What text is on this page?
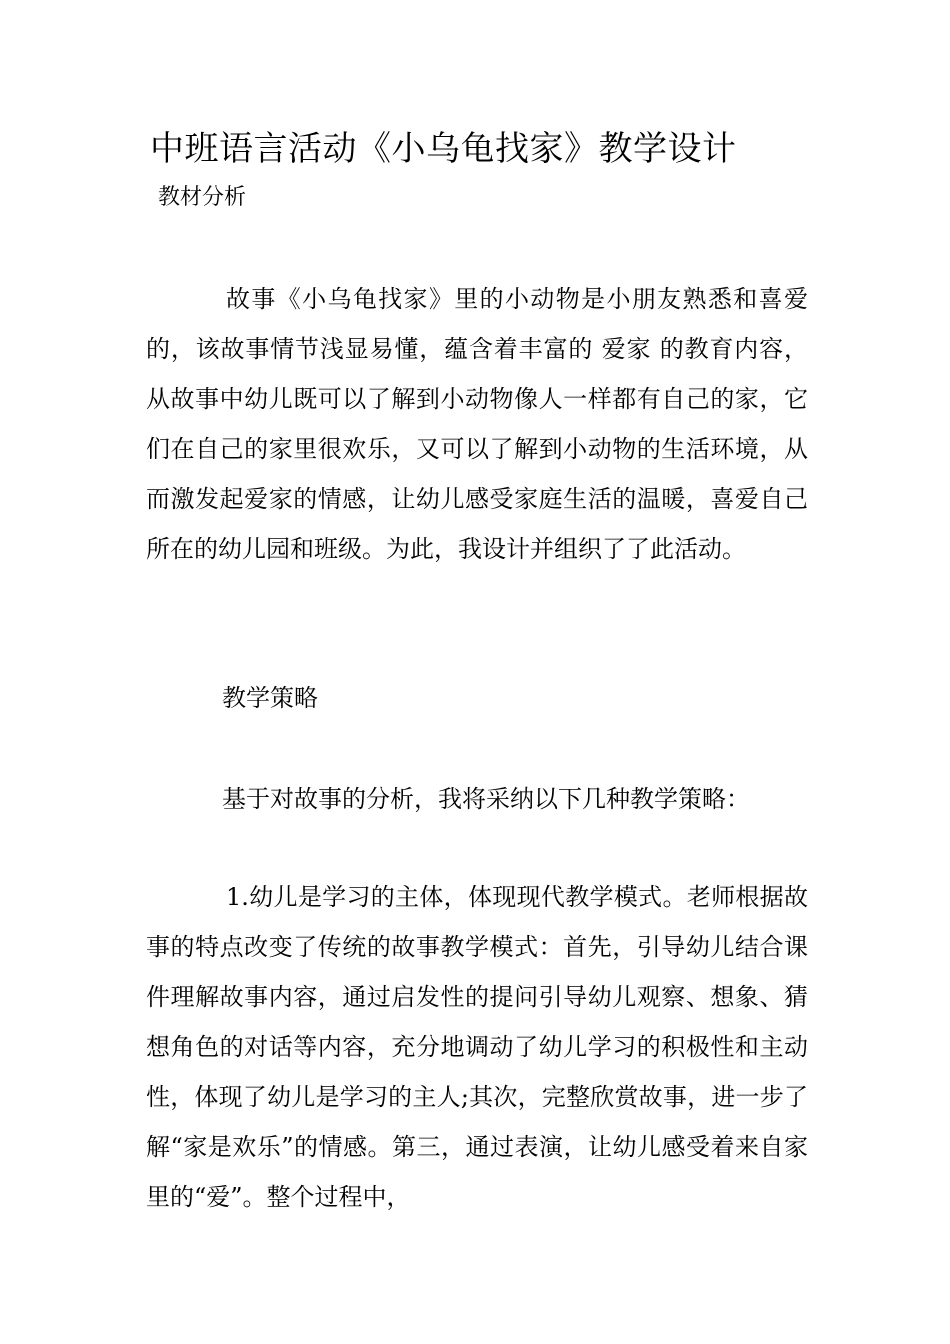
中班语言活动《小乌龟找家》教学设计

教材分析

故事《小乌龟找家》里的小动物是小朋友熟悉和喜爱的，该故事情节浅显易懂，蕴含着丰富的 爱家 的教育内容，从故事中幼儿既可以了解到小动物像人一样都有自己的家，它们在自己的家里很欢乐，又可以了解到小动物的生活环境，从而激发起爱家的情感，让幼儿感受家庭生活的温暖，喜爱自己所在的幼儿园和班级。为此，我设计并组织了了此活动。

教学策略

基于对故事的分析，我将采纳以下几种教学策略：

1.幼儿是学习的主体，体现现代教学模式。老师根据故事的特点改变了传统的故事教学模式：首先，引导幼儿结合课件理解故事内容，通过启发性的提问引导幼儿观察、想象、猜想角色的对话等内容，充分地调动了幼儿学习的积极性和主动性，体现了幼儿是学习的主人;其次，完整欣赏故事，进一步了解“家是欢乐”的情感。第三，通过表演，让幼儿感受着来自家里的“爱”。整个过程中，
